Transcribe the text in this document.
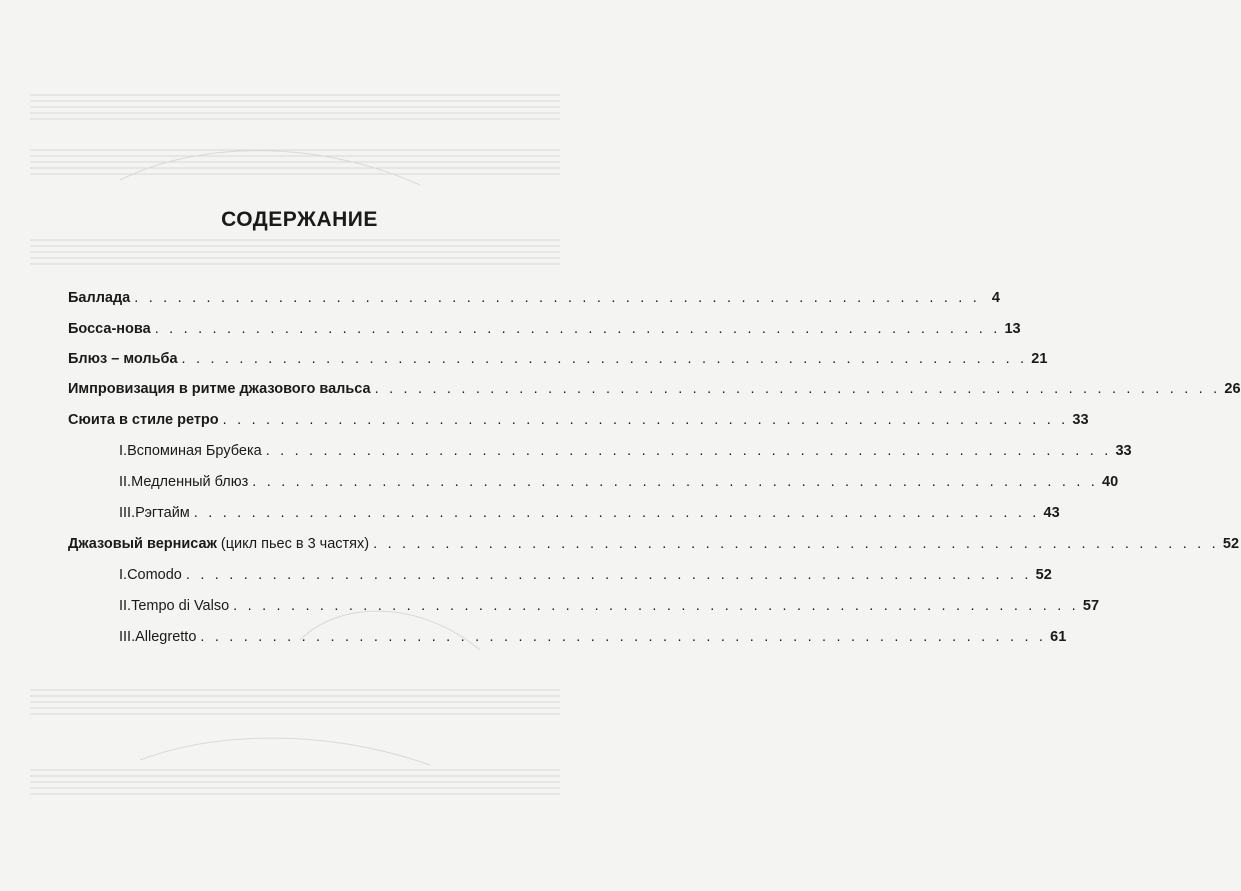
СОДЕРЖАНИЕ
Баллада . . . . . . . . . . . . . . . . . . . . . . . . . . . . . . . . . . . . . . . . . . . . . . . . . . . . . . . . . . . 4
Босса-нова . . . . . . . . . . . . . . . . . . . . . . . . . . . . . . . . . . . . . . . . . . . . . . . . . . . . . . . . . . . 13
Блюз – мольба . . . . . . . . . . . . . . . . . . . . . . . . . . . . . . . . . . . . . . . . . . . . . . . . . . . . . . . . . . . 21
Импровизация в ритме джазового вальса . . . . . . . . . . . . . . . . . . . . . . . . . . . . . . . . . . . . . . . . . . . . . . . . . . . . . . . . . . . 26
Сюита в стиле ретро . . . . . . . . . . . . . . . . . . . . . . . . . . . . . . . . . . . . . . . . . . . . . . . . . . . . . . . . . . . 33
I. Вспоминая Брубека . . . . . . . . . . . . . . . . . . . . . . . . . . . . . . . . . . . . . . . . . . . . . . . . . . . . . . . . . . . 33
II. Медленный блюз . . . . . . . . . . . . . . . . . . . . . . . . . . . . . . . . . . . . . . . . . . . . . . . . . . . . . . . . . . . 40
III. Рэгтайм . . . . . . . . . . . . . . . . . . . . . . . . . . . . . . . . . . . . . . . . . . . . . . . . . . . . . . . . . . . 43
Джазовый вернисаж (цикл пьес в 3 частях) . . . . . . . . . . . . . . . . . . . . . . . . . . . . . . . . . . . . . . . . . . . . . . . . . . . . . . . . . . . 52
I. Comodo . . . . . . . . . . . . . . . . . . . . . . . . . . . . . . . . . . . . . . . . . . . . . . . . . . . . . . . . . . . 52
II. Tempo di Valso . . . . . . . . . . . . . . . . . . . . . . . . . . . . . . . . . . . . . . . . . . . . . . . . . . . . . . . . . . . 57
III. Allegretto . . . . . . . . . . . . . . . . . . . . . . . . . . . . . . . . . . . . . . . . . . . . . . . . . . . . . . . . . . . 61
